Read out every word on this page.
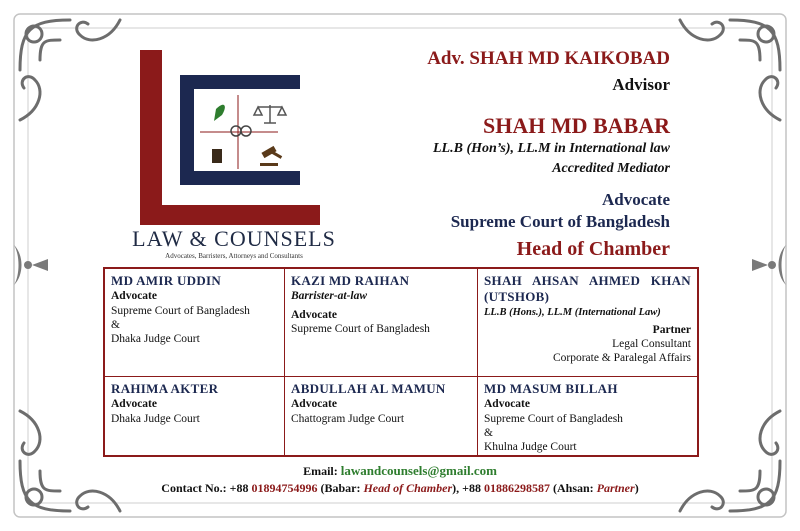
LAW & COUNSELS
Advocates, Barristers, Attorneys and Consultants
Adv. SHAH MD KAIKOBAD
Advisor
SHAH MD BABAR
LL.B (Hon’s), LL.M in International law
Accredited Mediator
Advocate
Supreme Court of Bangladesh
Head of Chamber
MD AMIR UDDIN
Advocate
Supreme Court of Bangladesh
&
Dhaka Judge Court
KAZI MD RAIHAN
Barrister-at-law
Advocate
Supreme Court of Bangladesh
SHAH AHSAN AHMED KHAN
(UTSHOB)
LL.B (Hons.), LL.M (International Law)
Partner
Legal Consultant
Corporate & Paralegal Affairs
RAHIMA AKTER
Advocate
Dhaka Judge Court
ABDULLAH AL MAMUN
Advocate
Chattogram Judge Court
MD MASUM BILLAH
Advocate
Supreme Court of Bangladesh
&
Khulna Judge Court
Email: lawandcounsels@gmail.com
Contact No.: +88 01894754996 (Babar: Head of Chamber), +88 01886298587 (Ahsan: Partner)
